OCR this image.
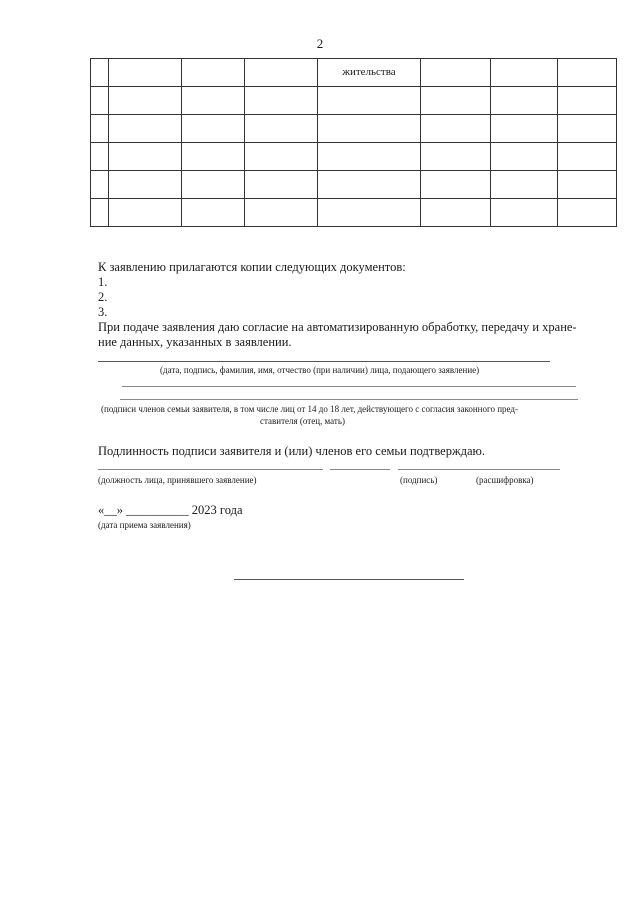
2
				жительства			

К заявлению прилагаются копии следующих документов:
1.
2.
3.
При подаче заявления даю согласие на автоматизированную обработку, передачу и хране-
ние данных, указанных в заявлении.
(дата, подпись, фамилия, имя, отчество (при наличии) лица, подающего заявление)
(подписи членов семьи заявителя, в том числе лиц от 14 до 18 лет, действующего с согласия законного пред-
ставителя (отец, мать)
Подлинность подписи заявителя и (или) членов его семьи подтверждаю.
(должность лица, принявшего заявление)	(подпись)	(расшифровка)
«__» __________ 2023 года
(дата приема заявления)
